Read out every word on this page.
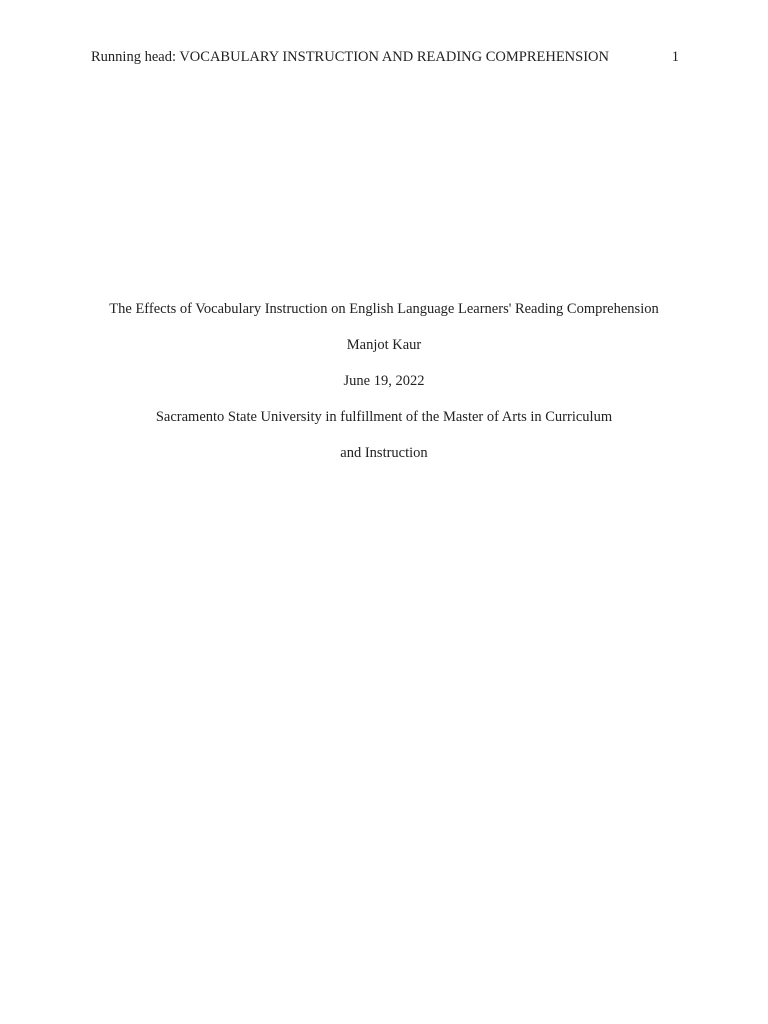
Running head: VOCABULARY INSTRUCTION AND READING COMPREHENSION	1
The Effects of Vocabulary Instruction on English Language Learners' Reading Comprehension
Manjot Kaur
June 19, 2022
Sacramento State University in fulfillment of the Master of Arts in Curriculum
and Instruction
